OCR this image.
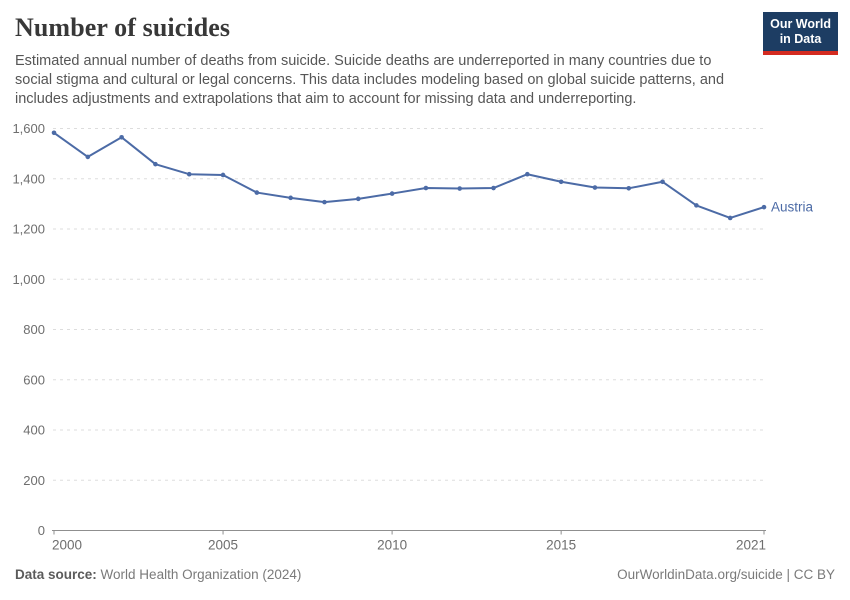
0
200
400
600
800
1,000
1,200
1,400
1,600
2000	2005	2010	2015	2021
Austria
Number of suicides	Our World
in Data

Estimated annual number of deaths from suicide. Suicide deaths are underreported in many countries due to social stigma and cultural or legal concerns. This data includes modeling based on global suicide patterns, and includes adjustments and extrapolations that aim to account for missing data and underreporting.

Data source: World Health Organization (2024)	OurWorldinData.org/suicide | CC BY
